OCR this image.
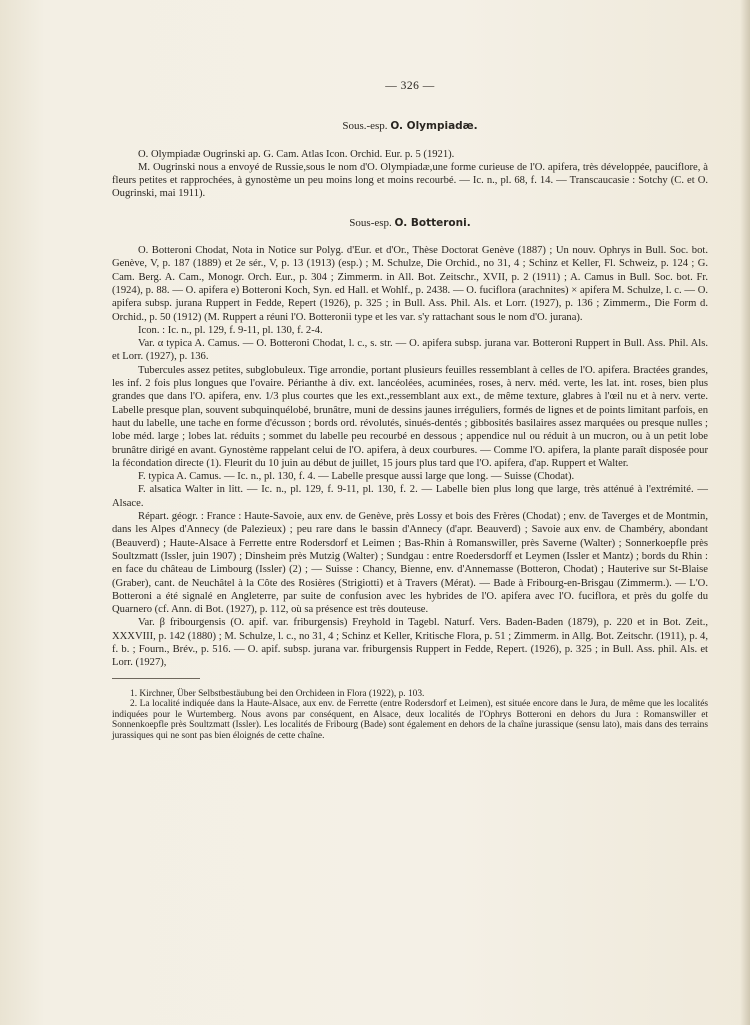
— 326 —
Sous.-esp. O. Olympiadæ.

O. Olympiadæ Ougrinski ap. G. Cam. Atlas Icon. Orchid. Eur. p. 5 (1921).

M. Ougrinski nous a envoyé de Russie,sous le nom d'O. Olympiadæ,une forme curieuse de l'O. apifera, très développée, pauciflore, à fleurs petites et rapprochées, à gynostème un peu moins long et moins recourbé. — Ic. n., pl. 68, f. 14. — Transcaucasie : Sotchy (C. et O. Ougrinski, mai 1911).

Sous-esp. O. Botteroni.

O. Botteroni Chodat, Nota in Notice sur Polyg. d'Eur. et d'Or., Thèse Doctorat Genève (1887) ; Un nouv. Ophrys in Bull. Soc. bot. Genève, V, p. 187 (1889) et 2e sér., V, p. 13 (1913) (esp.) ; M. Schulze, Die Orchid., no 31, 4 ; Schinz et Keller, Fl. Schweiz, p. 124 ; G. Cam. Berg. A. Cam., Monogr. Orch. Eur., p. 304 ; Zimmerm. in All. Bot. Zeitschr., XVII, p. 2 (1911) ; A. Camus in Bull. Soc. bot. Fr. (1924), p. 88. — O. apifera e) Botteroni Koch, Syn. ed Hall. et Wohlf., p. 2438. — O. fuciflora (arachnites) × apifera M. Schulze, l. c. — O. apifera subsp. jurana Ruppert in Fedde, Repert (1926), p. 325 ; in Bull. Ass. Phil. Als. et Lorr. (1927), p. 136 ; Zimmerm., Die Form d. Orchid., p. 50 (1912) (M. Ruppert a réuni l'O. Botteronii type et les var. s'y rattachant sous le nom d'O. jurana).

Icon. : Ic. n., pl. 129, f. 9-11, pl. 130, f. 2-4.

Var. α typica A. Camus. — O. Botteroni Chodat, l. c., s. str. — O. apifera subsp. jurana var. Botteroni Ruppert in Bull. Ass. Phil. Als. et Lorr. (1927), p. 136.

Tubercules assez petites, subglobuleux. Tige arrondie, portant plusieurs feuilles ressemblant à celles de l'O. apifera. Bractées grandes, les inf. 2 fois plus longues que l'ovaire. Périanthe à div. ext. lancéolées, acuminées, roses, à nerv. méd. verte, les lat. int. roses, bien plus grandes que dans l'O. apifera, env. 1/3 plus courtes que les ext.,ressemblant aux ext., de même texture, glabres à l'œil nu et à nerv. verte. Labelle presque plan, souvent subquinquélobé, brunâtre, muni de dessins jaunes irréguliers, formés de lignes et de points limitant parfois, en haut du labelle, une tache en forme d'écusson ; bords ord. révolutés, sinués-dentés ; gibbosités basilaires assez marquées ou presque nulles ; lobe méd. large ; lobes lat. réduits ; sommet du labelle peu recourbé en dessous ; appendice nul ou réduit à un mucron, ou à un petit lobe brunâtre dirigé en avant. Gynostème rappelant celui de l'O. apifera, à deux courbures. — Comme l'O. apifera, la plante paraît disposée pour la fécondation directe (1). Fleurit du 10 juin au début de juillet, 15 jours plus tard que l'O. apifera, d'ap. Ruppert et Walter.

F. typica A. Camus. — Ic. n., pl. 130, f. 4. — Labelle presque aussi large que long. — Suisse (Chodat).

F. alsatica Walter in litt. — Ic. n., pl. 129, f. 9-11, pl. 130, f. 2. — Labelle bien plus long que large, très atténué à l'extrémité. — Alsace.

Répart. géogr. : France : Haute-Savoie, aux env. de Genève, près Lossy et bois des Frères (Chodat) ; env. de Taverges et de Montmin, dans les Alpes d'Annecy (de Palezieux) ; peu rare dans le bassin d'Annecy (d'apr. Beauverd) ; Savoie aux env. de Chambéry, abondant (Beauverd) ; Haute-Alsace à Ferrette entre Rodersdorf et Leimen ; Bas-Rhin à Romanswiller, près Saverne (Walter) ; Sonnerkoepfle près Soultzmatt (Issler, juin 1907) ; Dinsheim près Mutzig (Walter) ; Sundgau : entre Roedersdorff et Leymen (Issler et Mantz) ; bords du Rhin : en face du château de Limbourg (Issler) (2) ; — Suisse : Chancy, Bienne, env. d'Annemasse (Botteron, Chodat) ; Hauterive sur St-Blaise (Graber), cant. de Neuchâtel à la Côte des Rosières (Strigiotti) et à Travers (Mérat). — Bade à Fribourg-en-Brisgau (Zimmerm.). — L'O. Botteroni a été signalé en Angleterre, par suite de confusion avec les hybrides de l'O. apifera avec l'O. fuciflora, et près du golfe du Quarnero (cf. Ann. di Bot. (1927), p. 112, où sa présence est très douteuse.

Var. β fribourgensis (O. apif. var. friburgensis) Freyhold in Tagebl. Naturf. Vers. Baden-Baden (1879), p. 220 et in Bot. Zeit., XXXVIII, p. 142 (1880) ; M. Schulze, l. c., no 31, 4 ; Schinz et Keller, Kritische Flora, p. 51 ; Zimmerm. in Allg. Bot. Zeitschr. (1911), p. 4, f. b. ; Fourn., Brév., p. 516. — O. apif. subsp. jurana var. friburgensis Ruppert in Fedde, Repert. (1926), p. 325 ; in Bull. Ass. phil. Als. et Lorr. (1927),

1. Kirchner, Über Selbstbestäubung bei den Orchideen in Flora (1922), p. 103.

2. La localité indiquée dans la Haute-Alsace, aux env. de Ferrette (entre Rodersdorf et Leimen), est située encore dans le Jura, de même que les localités indiquées pour le Wurtemberg. Nous avons par conséquent, en Alsace, deux localités de l'Ophrys Botteroni en dehors du Jura : Romanswiller et Sonnenkoepfle près Soultzmatt (Issler). Les localités de Fribourg (Bade) sont également en dehors de la chaîne jurassique (sensu lato), mais dans des terrains jurassiques qui ne sont pas bien éloignés de cette chaîne.
